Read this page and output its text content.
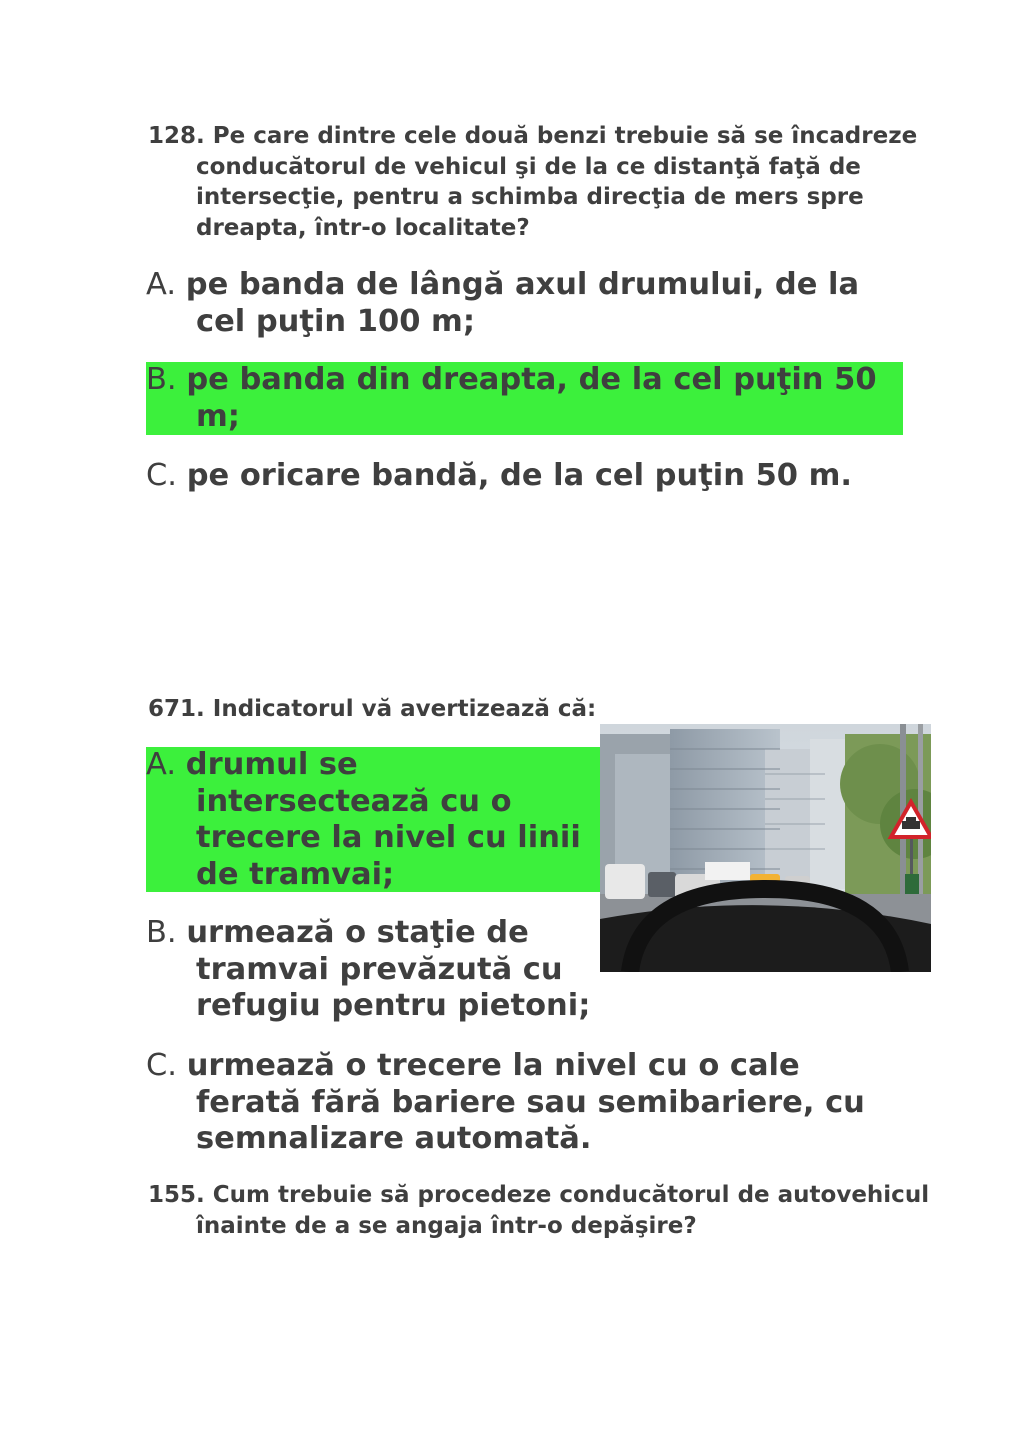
128. Pe care dintre cele două benzi trebuie să se încadreze conducătorul de vehicul şi de la ce distanţă faţă de intersecţie, pentru a schimba direcţia de mers spre dreapta, într-o localitate?
A. pe banda de lângă axul drumului, de la cel puţin 100 m;
B. pe banda din dreapta, de la cel puţin 50 m;
C. pe oricare bandă, de la cel puţin 50 m.
671. Indicatorul vă avertizează că:
A. drumul se intersectează cu o trecere la nivel cu linii de tramvai;
B. urmează o staţie de tramvai prevăzută cu refugiu pentru pietoni;
C. urmează o trecere la nivel cu o cale ferată fără bariere sau semibariere, cu semnalizare automată.
155. Cum trebuie să procedeze conducătorul de autovehicul înainte de a se angaja într-o depăşire?
